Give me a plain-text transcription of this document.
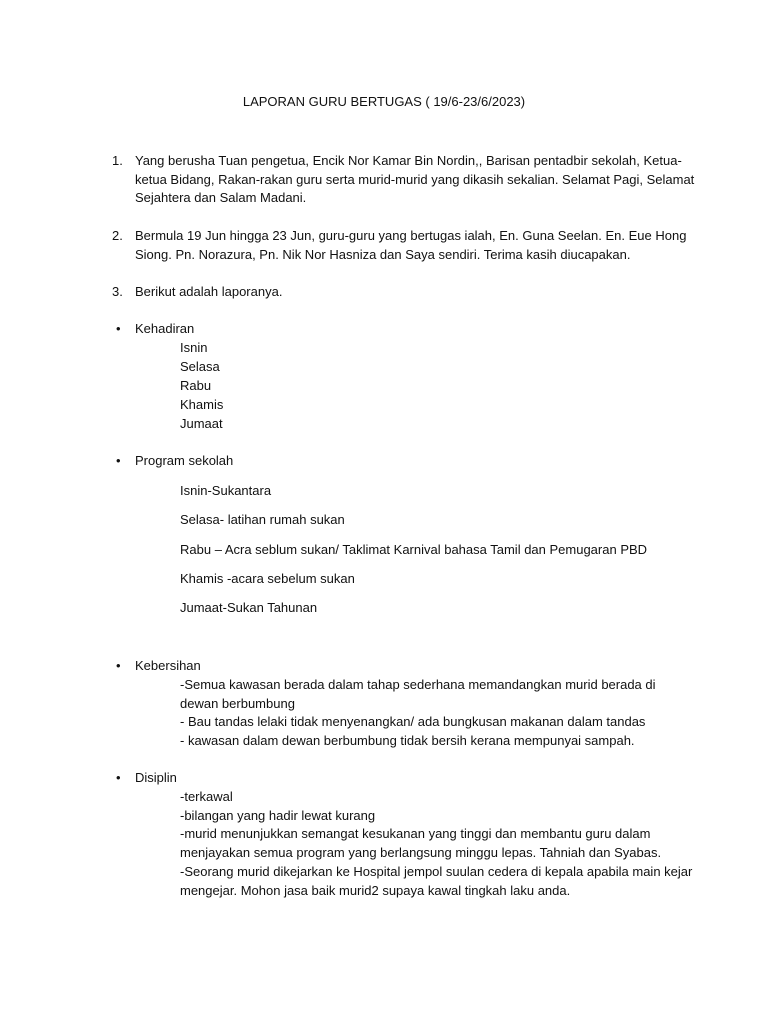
LAPORAN GURU BERTUGAS ( 19/6-23/6/2023)
1. Yang berusha Tuan pengetua, Encik Nor Kamar Bin Nordin,, Barisan pentadbir sekolah, Ketua-
ketua Bidang, Rakan-rakan guru serta murid-murid yang dikasih sekalian. Selamat Pagi, Selamat
Sejahtera dan Salam Madani.
2. Bermula 19 Jun hingga 23 Jun, guru-guru yang bertugas ialah, En. Guna Seelan. En. Eue Hong
Siong. Pn. Norazura, Pn. Nik Nor Hasniza dan Saya sendiri. Terima kasih diucapakan.
3. Berikut adalah laporanya.
•	Kehadiran
Isnin
Selasa
Rabu
Khamis
Jumaat
•	Program sekolah
Isnin-Sukantara
Selasa- latihan rumah sukan
Rabu – Acra seblum sukan/ Taklimat Karnival bahasa Tamil dan Pemugaran PBD
Khamis -acara sebelum sukan
Jumaat-Sukan Tahunan
•	Kebersihan
-Semua kawasan berada dalam tahap sederhana memandangkan murid berada di
dewan berbumbung
- Bau tandas lelaki tidak menyenangkan/ ada bungkusan makanan dalam tandas
- kawasan dalam dewan berbumbung tidak bersih kerana mempunyai sampah.
•	Disiplin
-terkawal
-bilangan yang hadir lewat kurang
-murid menunjukkan semangat kesukanan yang tinggi dan membantu guru dalam
menjayakan semua program yang berlangsung minggu lepas. Tahniah dan Syabas.
-Seorang murid dikejarkan ke Hospital jempol suulan cedera di kepala apabila main kejar
mengejar. Mohon jasa baik murid2 supaya kawal tingkah laku anda.
